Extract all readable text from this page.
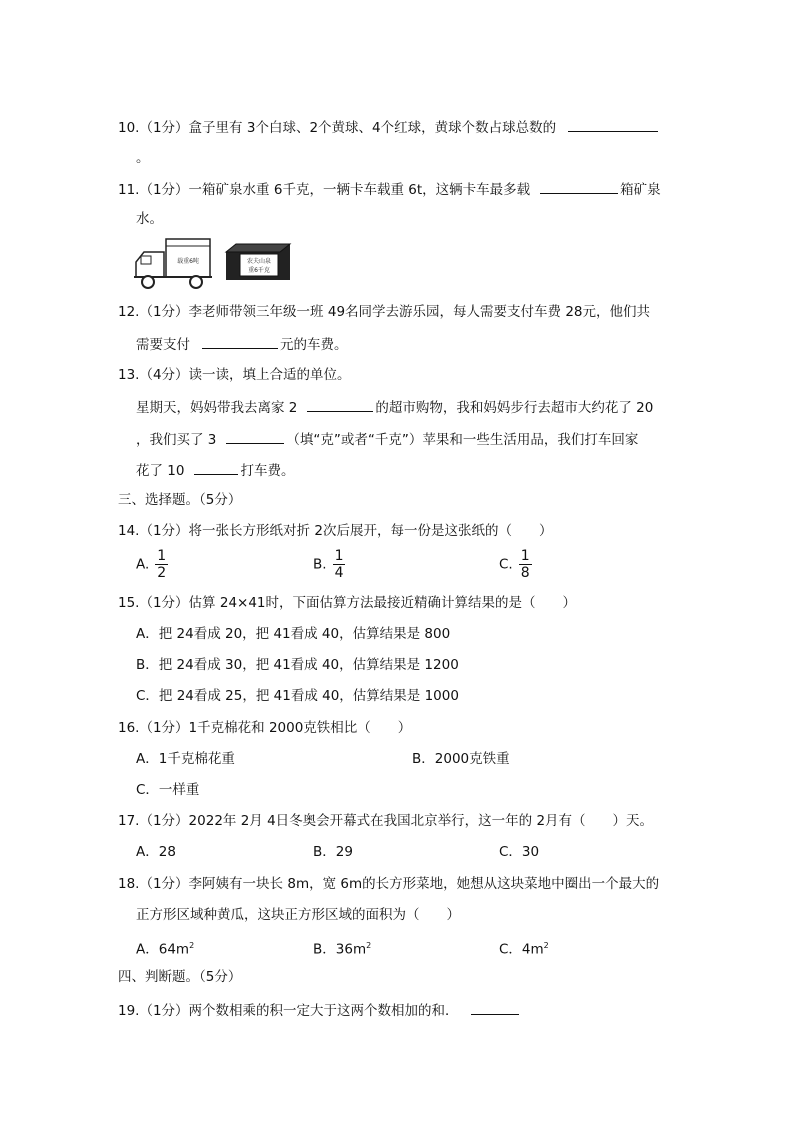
10.（1分）盒子里有 3个白球、2个黄球、4个红球，黄球个数占球总数的
。
11.（1分）一箱矿泉水重 6千克，一辆卡车载重 6t，这辆卡车最多载	箱矿泉
水。
载重6吨	农夫山泉
重6千克
12.（1分）李老师带领三年级一班 49名同学去游乐园，每人需要支付车费 28元，他们共
需要支付	元的车费。
13.（4分）读一读，填上合适的单位。
星期天，妈妈带我去离家 2	的超市购物，我和妈妈步行去超市大约花了 20
，我们买了 3	（填“克”或者“千克”）苹果和一些生活用品，我们打车回家
花了 10	打车费。
三、选择题。（5分）
14.（1分）将一张长方形纸对折 2次后展开，每一份是这张纸的（　　）
A. $\frac{1}{2}$	B. $\frac{1}{4}$	C. $\frac{1}{8}$
15.（1分）估算 24×41时，下面估算方法最接近精确计算结果的是（　　）
A．把 24看成 20，把 41看成 40，估算结果是 800
B．把 24看成 30，把 41看成 40，估算结果是 1200
C．把 24看成 25，把 41看成 40，估算结果是 1000
16.（1分）1千克棉花和 2000克铁相比（　　）
A．1千克棉花重	B．2000克铁重
C．一样重
17.（1分）2022年 2月 4日冬奥会开幕式在我国北京举行，这一年的 2月有（　　）天。
A．28	B．29	C．30
18.（1分）李阿姨有一块长 8m，宽 6m的长方形菜地，她想从这块菜地中圈出一个最大的
正方形区域种黄瓜，这块正方形区域的面积为（　　）
A．$64m^2$	B．$36m^2$	C．$4m^2$
四、判断题。（5分）
19.（1分）两个数相乘的积一定大于这两个数相加的和．
